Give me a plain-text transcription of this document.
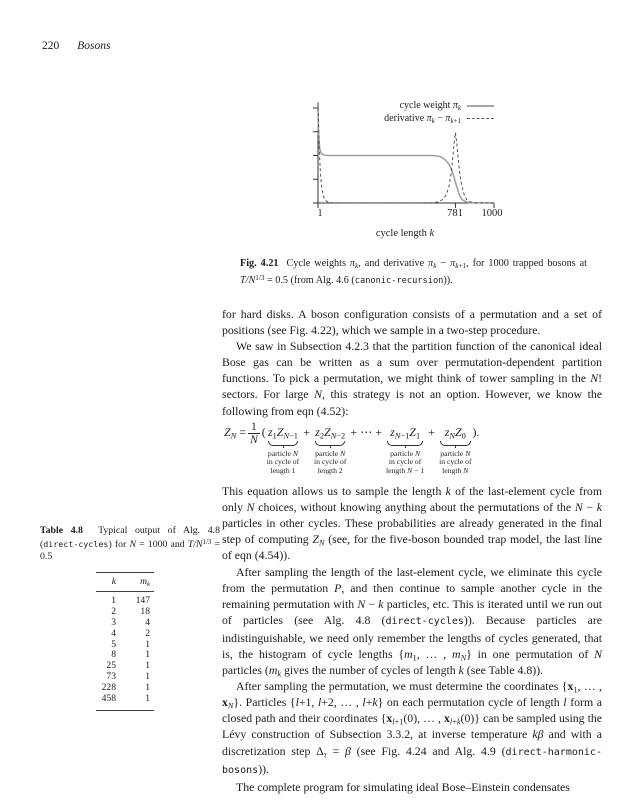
220 Bosons
cycle weight $\pi_k$
derivative $\pi_k - \pi_{k+1}$
1	781 1000
cycle length k
Fig. 4.21  Cycle weights $\pi_k$, and derivative $\pi_k - \pi_{k+1}$, for 1000 trapped bosons at $T/N^{1/3} = 0.5$ (from Alg. 4.6 (canonic-recursion)).
Table 4.8  Typical output of Alg. 4.8 (direct-cycles) for N = 1000 and $T/N^{1/3} = 0.5$
k	$m_k$
1	147
2	18
3	4
4	2
5	1
8	1
25	1
73	1
228	1
458	1

for hard disks. A boson configuration consists of a permutation and a set of positions (see Fig. 4.22), which we sample in a two-step procedure.

We saw in Subsection 4.2.3 that the partition function of the canonical ideal Bose gas can be written as a sum over permutation-dependent partition functions. To pick a permutation, we might think of tower sampling in the N! sectors. For large N, this strategy is not an option. However, we know the following from eqn (4.52):

$Z_N = \frac{1}{N}$ ( $z_1Z_{N-1}$
particle N
in cycle of
length 1
+ $z_2Z_{N-2}$
particle N
in cycle of
length 2
+ ⋯ + $z_{N-1}Z_1$
particle N
in cycle of
length N − 1
+ $z_NZ_0$
particle N
in cycle of
length N
).

This equation allows us to sample the length k of the last-element cycle from only N choices, without knowing anything about the permutations of the N − k particles in other cycles. These probabilities are already generated in the final step of computing $Z_N$ (see, for the five-boson bounded trap model, the last line of eqn (4.54)).

After sampling the length of the last-element cycle, we eliminate this cycle from the permutation P, and then continue to sample another cycle in the remaining permutation with N − k particles, etc. This is iterated until we run out of particles (see Alg. 4.8 (direct-cycles)). Because particles are indistinguishable, we need only remember the lengths of cycles generated, that is, the histogram of cycle lengths {$m_1$, … , $m_N$} in one permutation of N particles ($m_k$ gives the number of cycles of length k (see Table 4.8)).

After sampling the permutation, we must determine the coordinates {$x_1$, … , $x_N$}. Particles {l+1, l+2, … , l+k} on each permutation cycle of length l form a closed path and their coordinates {$x_{l+1}(0)$, … , $x_{l+k}(0)$} can be sampled using the Lévy construction of Subsection 3.3.2, at inverse temperature kβ and with a discretization step $\Delta_\tau = \beta$ (see Fig. 4.24 and Alg. 4.9 (direct-harmonic-bosons)).

The complete program for simulating ideal Bose–Einstein condensates
